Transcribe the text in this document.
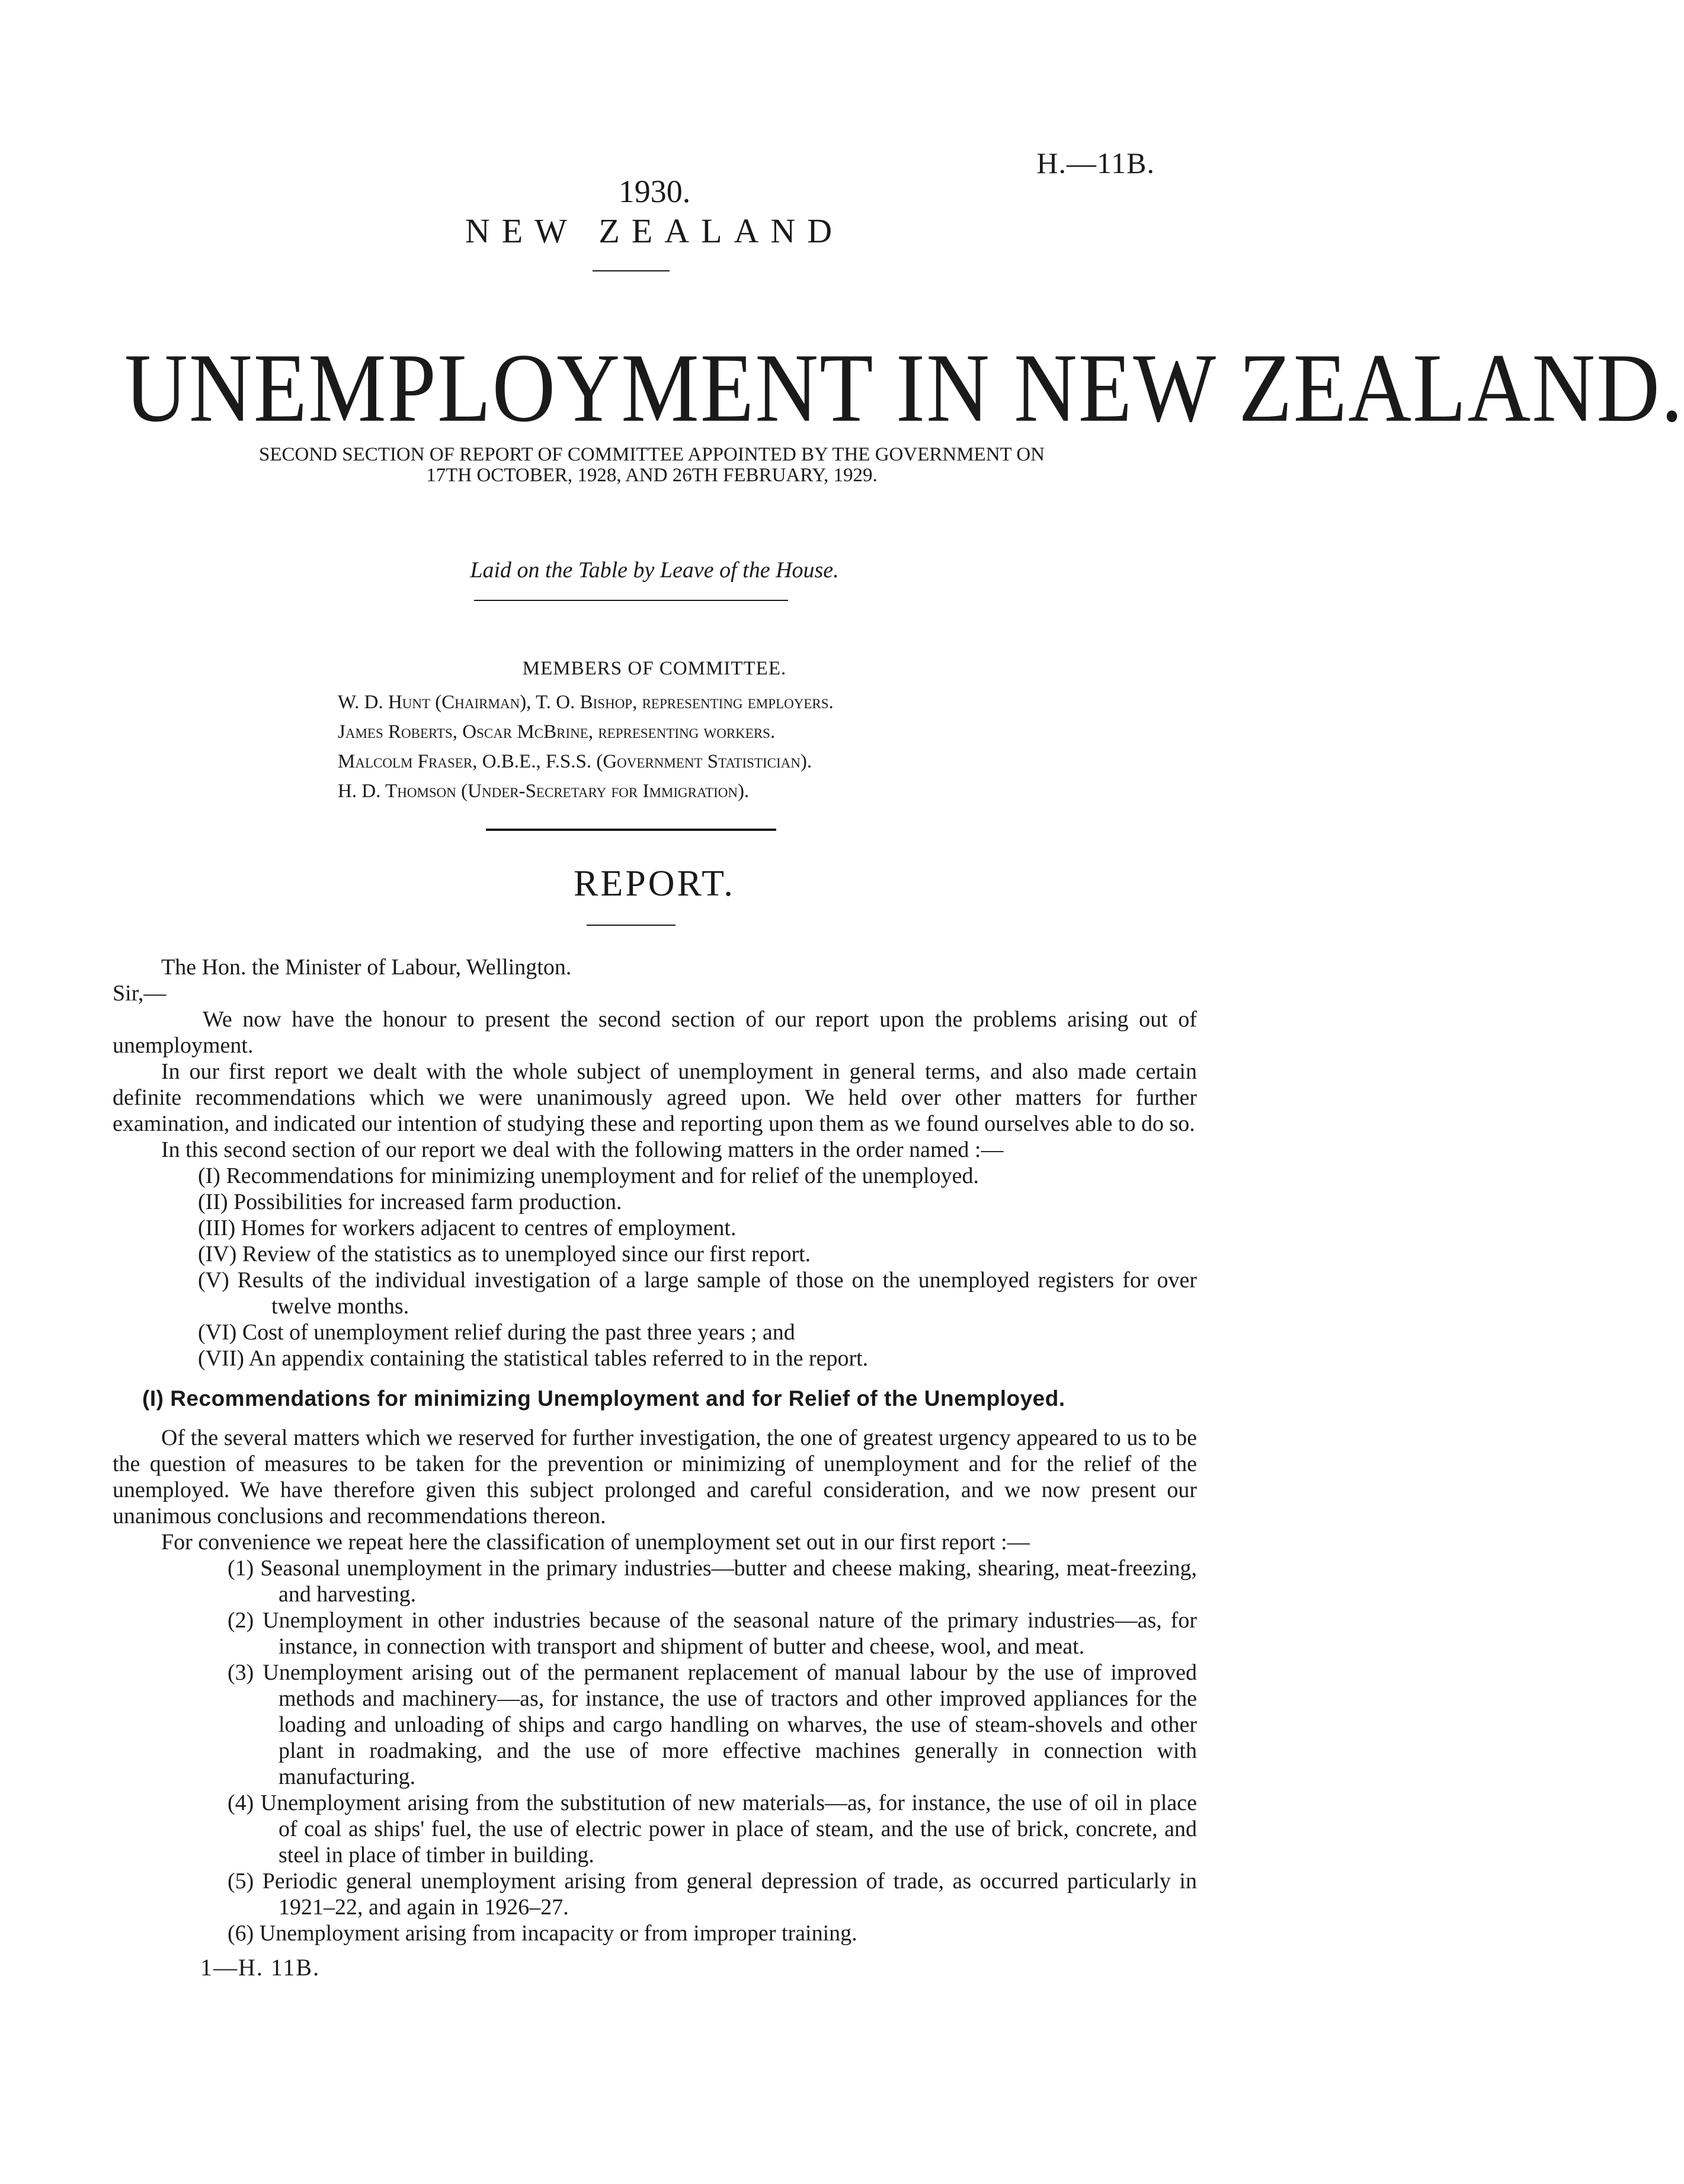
H.—11B.
1930.
NEW ZEALAND
UNEMPLOYMENT IN NEW ZEALAND.
SECOND SECTION OF REPORT OF COMMITTEE APPOINTED BY THE GOVERNMENT ON
17TH OCTOBER, 1928, AND 26TH FEBRUARY, 1929.
Laid on the Table by Leave of the House.
MEMBERS OF COMMITTEE.
W. D. Hunt (Chairman), T. O. Bishop, representing employers.
James Roberts, Oscar McBrine, representing workers.
Malcolm Fraser, O.B.E., F.S.S. (Government Statistician).
H. D. Thomson (Under-Secretary for Immigration).
REPORT.

The Hon. the Minister of Labour, Wellington.

Sir,—

We now have the honour to present the second section of our report upon the problems arising out of unemployment.

In our first report we dealt with the whole subject of unemployment in general terms, and also made certain definite recommendations which we were unanimously agreed upon. We held over other matters for further examination, and indicated our intention of studying these and reporting upon them as we found ourselves able to do so.

In this second section of our report we deal with the following matters in the order named :—

(I) Recommendations for minimizing unemployment and for relief of the unemployed.

(II) Possibilities for increased farm production.

(III) Homes for workers adjacent to centres of employment.

(IV) Review of the statistics as to unemployed since our first report.

(V) Results of the individual investigation of a large sample of those on the unemployed registers for over twelve months.

(VI) Cost of unemployment relief during the past three years ; and

(VII) An appendix containing the statistical tables referred to in the report.

(I) Recommendations for minimizing Unemployment and for Relief of the Unemployed.

Of the several matters which we reserved for further investigation, the one of greatest urgency appeared to us to be the question of measures to be taken for the prevention or minimizing of unemployment and for the relief of the unemployed. We have therefore given this subject prolonged and careful consideration, and we now present our unanimous conclusions and recommendations thereon.

For convenience we repeat here the classification of unemployment set out in our first report :—

(1) Seasonal unemployment in the primary industries—butter and cheese making, shearing, meat-freezing, and harvesting.

(2) Unemployment in other industries because of the seasonal nature of the primary industries—as, for instance, in connection with transport and shipment of butter and cheese, wool, and meat.

(3) Unemployment arising out of the permanent replacement of manual labour by the use of improved methods and machinery—as, for instance, the use of tractors and other improved appliances for the loading and unloading of ships and cargo handling on wharves, the use of steam-shovels and other plant in roadmaking, and the use of more effective machines generally in connection with manufacturing.

(4) Unemployment arising from the substitution of new materials—as, for instance, the use of oil in place of coal as ships' fuel, the use of electric power in place of steam, and the use of brick, concrete, and steel in place of timber in building.

(5) Periodic general unemployment arising from general depression of trade, as occurred particularly in 1921–22, and again in 1926–27.

(6) Unemployment arising from incapacity or from improper training.

1—H. 11B.
